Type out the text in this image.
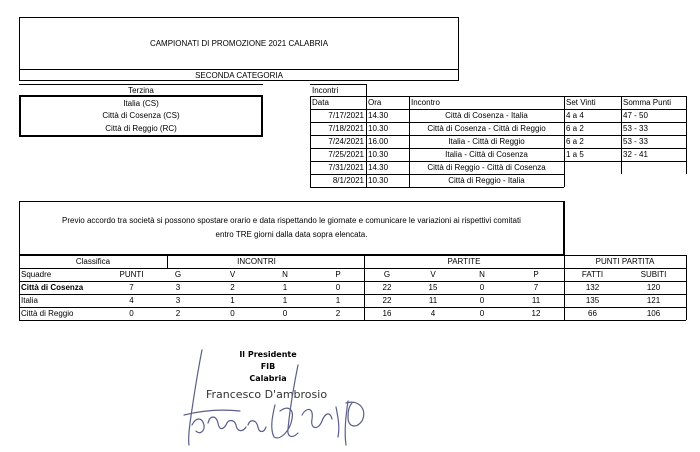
CAMPIONATI DI PROMOZIONE 2021 CALABRIA
SECONDA CATEGORIA
Terzina
Italia (CS)
Città di Cosenza (CS)
Città di Reggio (RC)
Incontri
Data	Ora	Incontro	Set Vinti	Somma Punti
7/17/2021 14.30	Città di Cosenza - Italia	4 a 4	47 - 50
7/18/2021 10.30	Città di Cosenza - Città di Reggio	6 a 2	53 - 33
7/24/2021 16.00	Italia - Città di Reggio	6 a 2	53 - 33
7/25/2021 10.30	Italia - Città di Cosenza	1 a 5	32 - 41
7/31/2021 14.30	Città di Reggio - Città di Cosenza
8/1/2021 10.30	Città di Reggio - Italia
Previo accordo tra società si possono spostare orario e data rispettando le giornate e comunicare le variazioni ai rispettivi comitati
entro TRE giorni dalla data sopra elencata.
Classifica	INCONTRI	PARTITE	PUNTI PARTITA
Squadre	PUNTI	G	V	N	P	G	V	N	P	FATTI	SUBITI
Città di Cosenza	7	3	2	1	0	22	15	0	7	132	120
Italia	4	3	1	1	1	22	11	0	11	135	121
Città di Reggio	0	2	0	0	2	16	4	0	12	66	106
Il Presidente
FIB
Calabria
Francesco D'ambrosio
